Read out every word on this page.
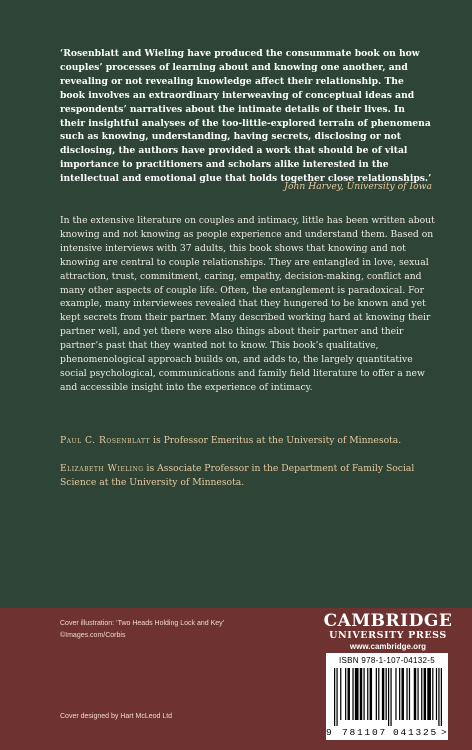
‘Rosenblatt and Wieling have produced the consummate book on how couples’ processes of learning about and knowing one another, and revealing or not revealing knowledge affect their relationship. The book involves an extraordinary interweaving of conceptual ideas and respondents’ narratives about the intimate details of their lives. In their insightful analyses of the too-little-explored terrain of phenomena such as knowing, understanding, having secrets, disclosing or not disclosing, the authors have provided a work that should be of vital importance to practitioners and scholars alike interested in the intellectual and emotional glue that holds together close relationships.’
John Harvey, University of Iowa
In the extensive literature on couples and intimacy, little has been written about knowing and not knowing as people experience and understand them. Based on intensive interviews with 37 adults, this book shows that knowing and not knowing are central to couple relationships. They are entangled in love, sexual attraction, trust, commitment, caring, empathy, decision-making, conflict and many other aspects of couple life. Often, the entanglement is paradoxical. For example, many interviewees revealed that they hungered to be known and yet kept secrets from their partner. Many described working hard at knowing their partner well, and yet there were also things about their partner and their partner’s past that they wanted not to know. This book’s qualitative, phenomenological approach builds on, and adds to, the largely quantitative social psychological, communications and family field literature to offer a new and accessible insight into the experience of intimacy.
Paul C. Rosenblatt is Professor Emeritus at the University of Minnesota.
Elizabeth Wieling is Associate Professor in the Department of Family Social Science at the University of Minnesota.
Cover illustration: ‘Two Heads Holding Lock and Key’
©Images.com/Corbis
Cover designed by Hart McLeod Ltd
CAMBRIDGE
UNIVERSITY PRESS
www.cambridge.org
ISBN 978-1-107-04132-5
9 781107 041325 >
